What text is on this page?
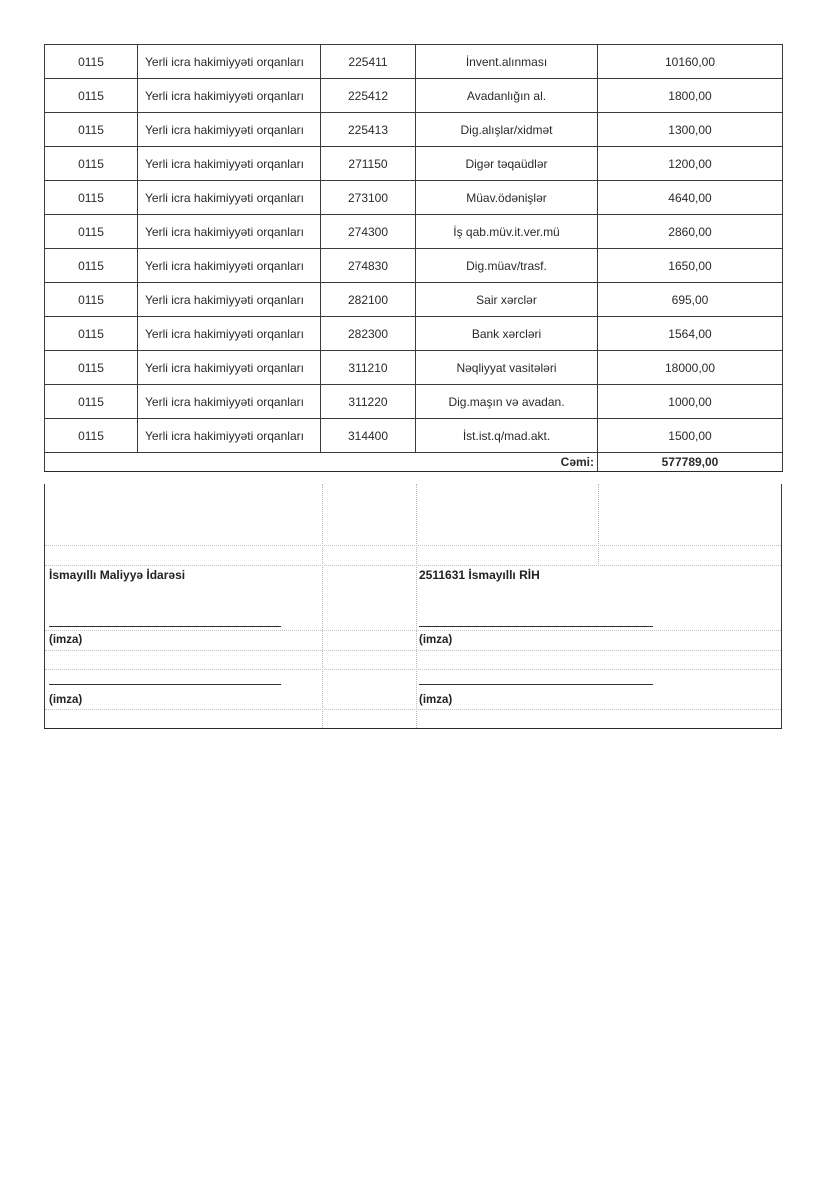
0115	Yerli icra hakimiyyəti orqanları	225411	İnvent.alınması	10160,00
0115	Yerli icra hakimiyyəti orqanları	225412	Avadanlığın al.	1800,00
0115	Yerli icra hakimiyyəti orqanları	225413	Dig.alışlar/xidmət	1300,00
0115	Yerli icra hakimiyyəti orqanları	271150	Digər təqaüdlər	1200,00
0115	Yerli icra hakimiyyəti orqanları	273100	Müav.ödənişlər	4640,00
0115	Yerli icra hakimiyyəti orqanları	274300	İş qab.müv.it.ver.mü	2860,00
0115	Yerli icra hakimiyyəti orqanları	274830	Dig.müav/trasf.	1650,00
0115	Yerli icra hakimiyyəti orqanları	282100	Sair xərclər	695,00
0115	Yerli icra hakimiyyəti orqanları	282300	Bank xərcləri	1564,00
0115	Yerli icra hakimiyyəti orqanları	311210	Nəqliyyat vasitələri	18000,00
0115	Yerli icra hakimiyyəti orqanları	311220	Dig.maşın və avadan.	1000,00
0115	Yerli icra hakimiyyəti orqanları	314400	İst.ist.q/mad.akt.	1500,00
Cəmi:				577789,00
İsmayıllı Maliyyə İdarəsi	2511631 İsmayıllı RİH
(imza)	(imza)
(imza)	(imza)
